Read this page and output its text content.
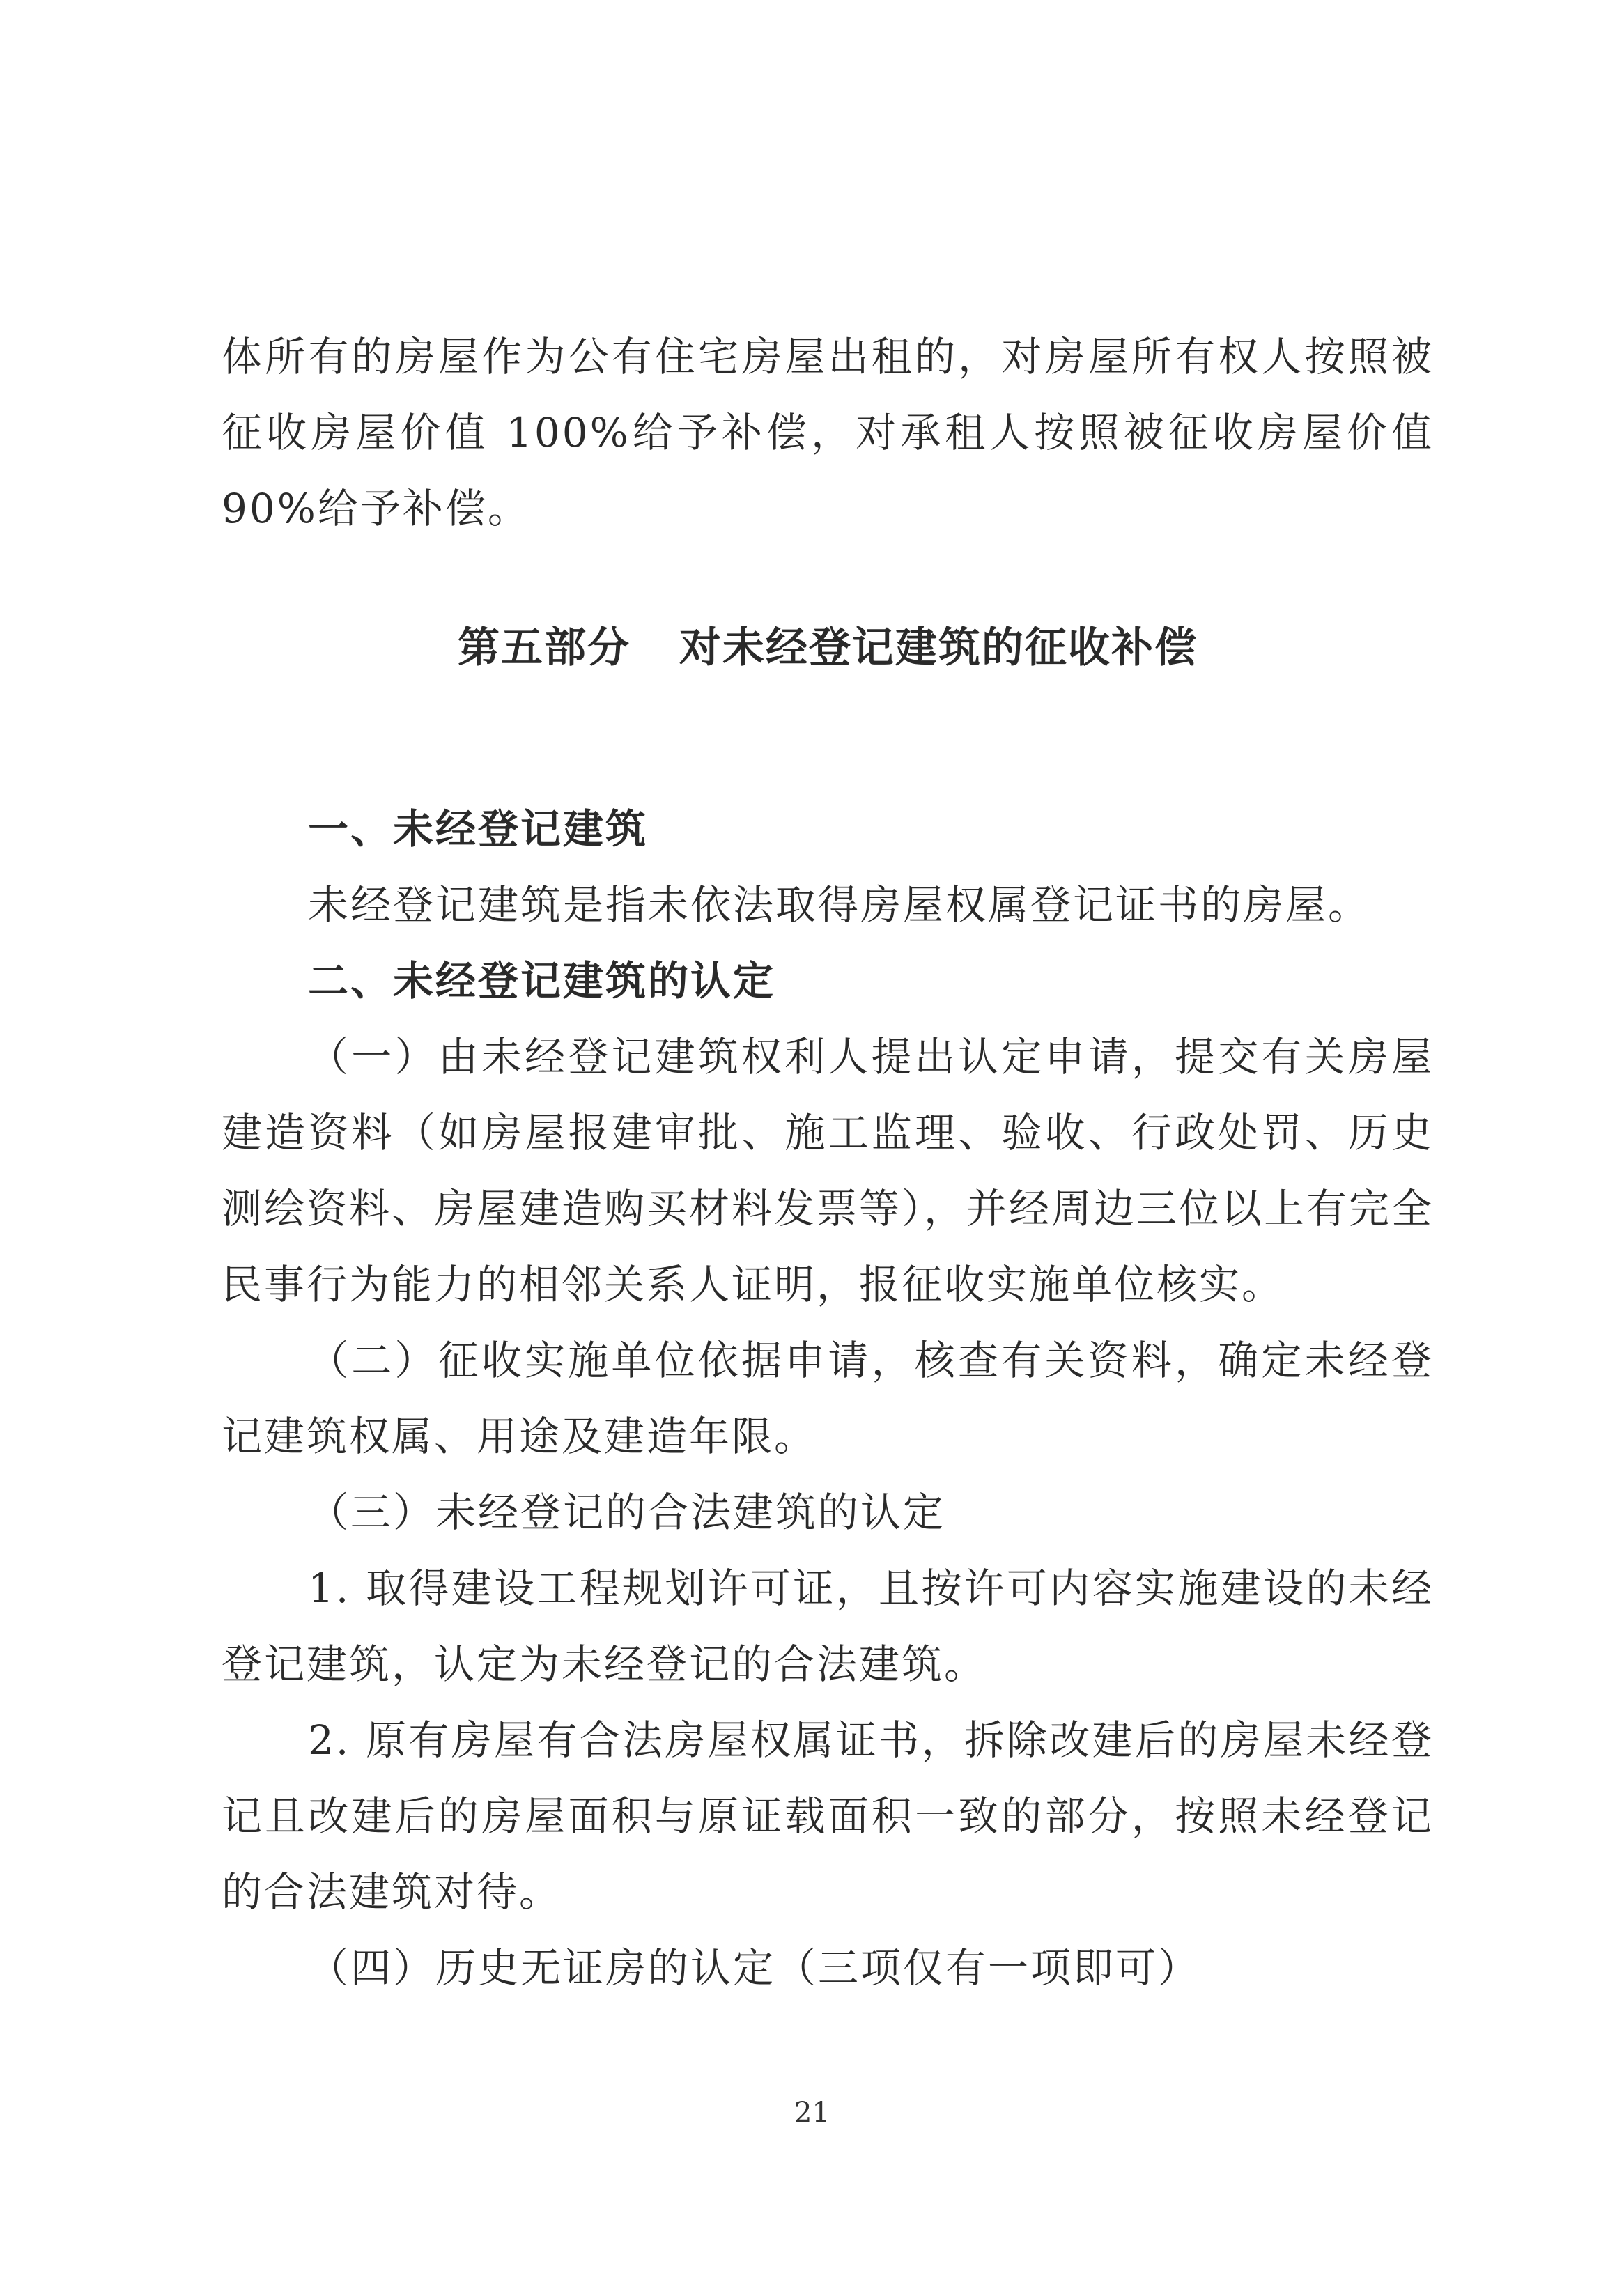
体所有的房屋作为公有住宅房屋出租的，对房屋所有权人按照被征收房屋价值 100%给予补偿，对承租人按照被征收房屋价值 90%给予补偿。

第五部分 对未经登记建筑的征收补偿
一、未经登记建筑
未经登记建筑是指未依法取得房屋权属登记证书的房屋。
二、未经登记建筑的认定
（一）由未经登记建筑权利人提出认定申请，提交有关房屋建造资料（如房屋报建审批、施工监理、验收、行政处罚、历史测绘资料、房屋建造购买材料发票等），并经周边三位以上有完全民事行为能力的相邻关系人证明，报征收实施单位核实。
（二）征收实施单位依据申请，核查有关资料，确定未经登记建筑权属、用途及建造年限。
（三）未经登记的合法建筑的认定
1. 取得建设工程规划许可证，且按许可内容实施建设的未经登记建筑，认定为未经登记的合法建筑。
2. 原有房屋有合法房屋权属证书，拆除改建后的房屋未经登记且改建后的房屋面积与原证载面积一致的部分，按照未经登记的合法建筑对待。
（四）历史无证房的认定（三项仅有一项即可）
21
